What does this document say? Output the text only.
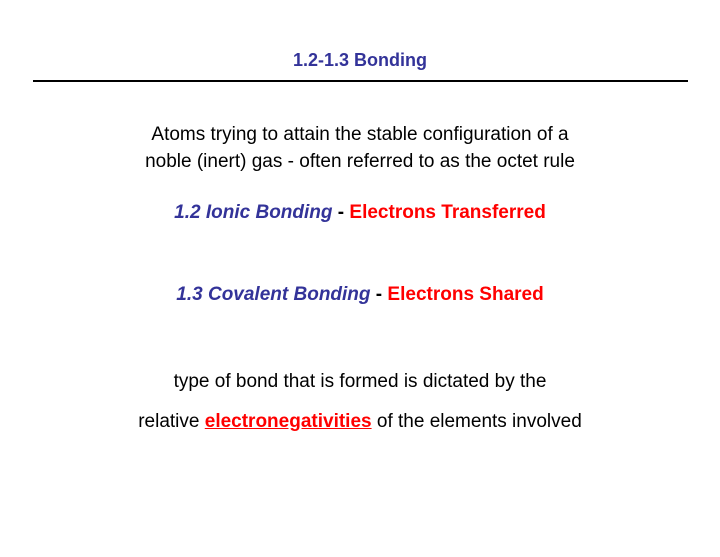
1.2-1.3 Bonding
Atoms trying to attain the stable configuration of a
noble (inert) gas - often referred to as the octet rule
1.2 Ionic Bonding - Electrons Transferred
1.3 Covalent Bonding - Electrons Shared
type of bond that is formed is dictated by the
relative electronegativities of the elements involved
